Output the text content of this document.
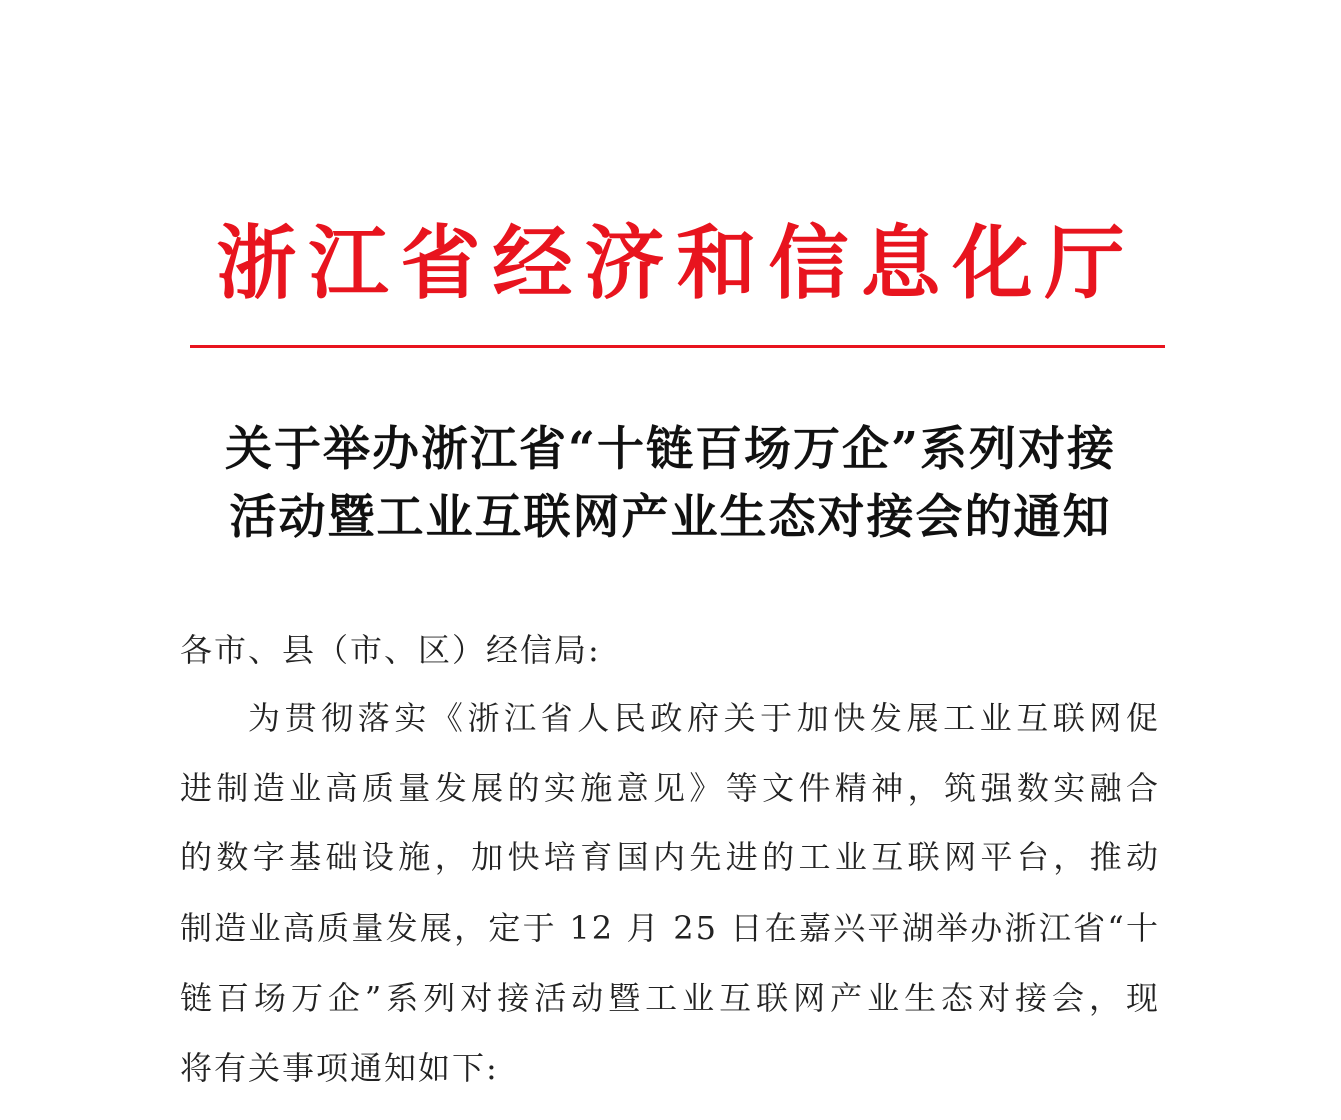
浙江省经济和信息化厅
关于举办浙江省“十链百场万企”系列对接
活动暨工业互联网产业生态对接会的通知
各市、县（市、区）经信局:
为贯彻落实《浙江省人民政府关于加快发展工业互联网促
进制造业高质量发展的实施意见》等文件精神，筑强数实融合
的数字基础设施，加快培育国内先进的工业互联网平台，推动
制造业高质量发展，定于 12 月 25 日在嘉兴平湖举办浙江省“十
链百场万企”系列对接活动暨工业互联网产业生态对接会，现
将有关事项通知如下:
